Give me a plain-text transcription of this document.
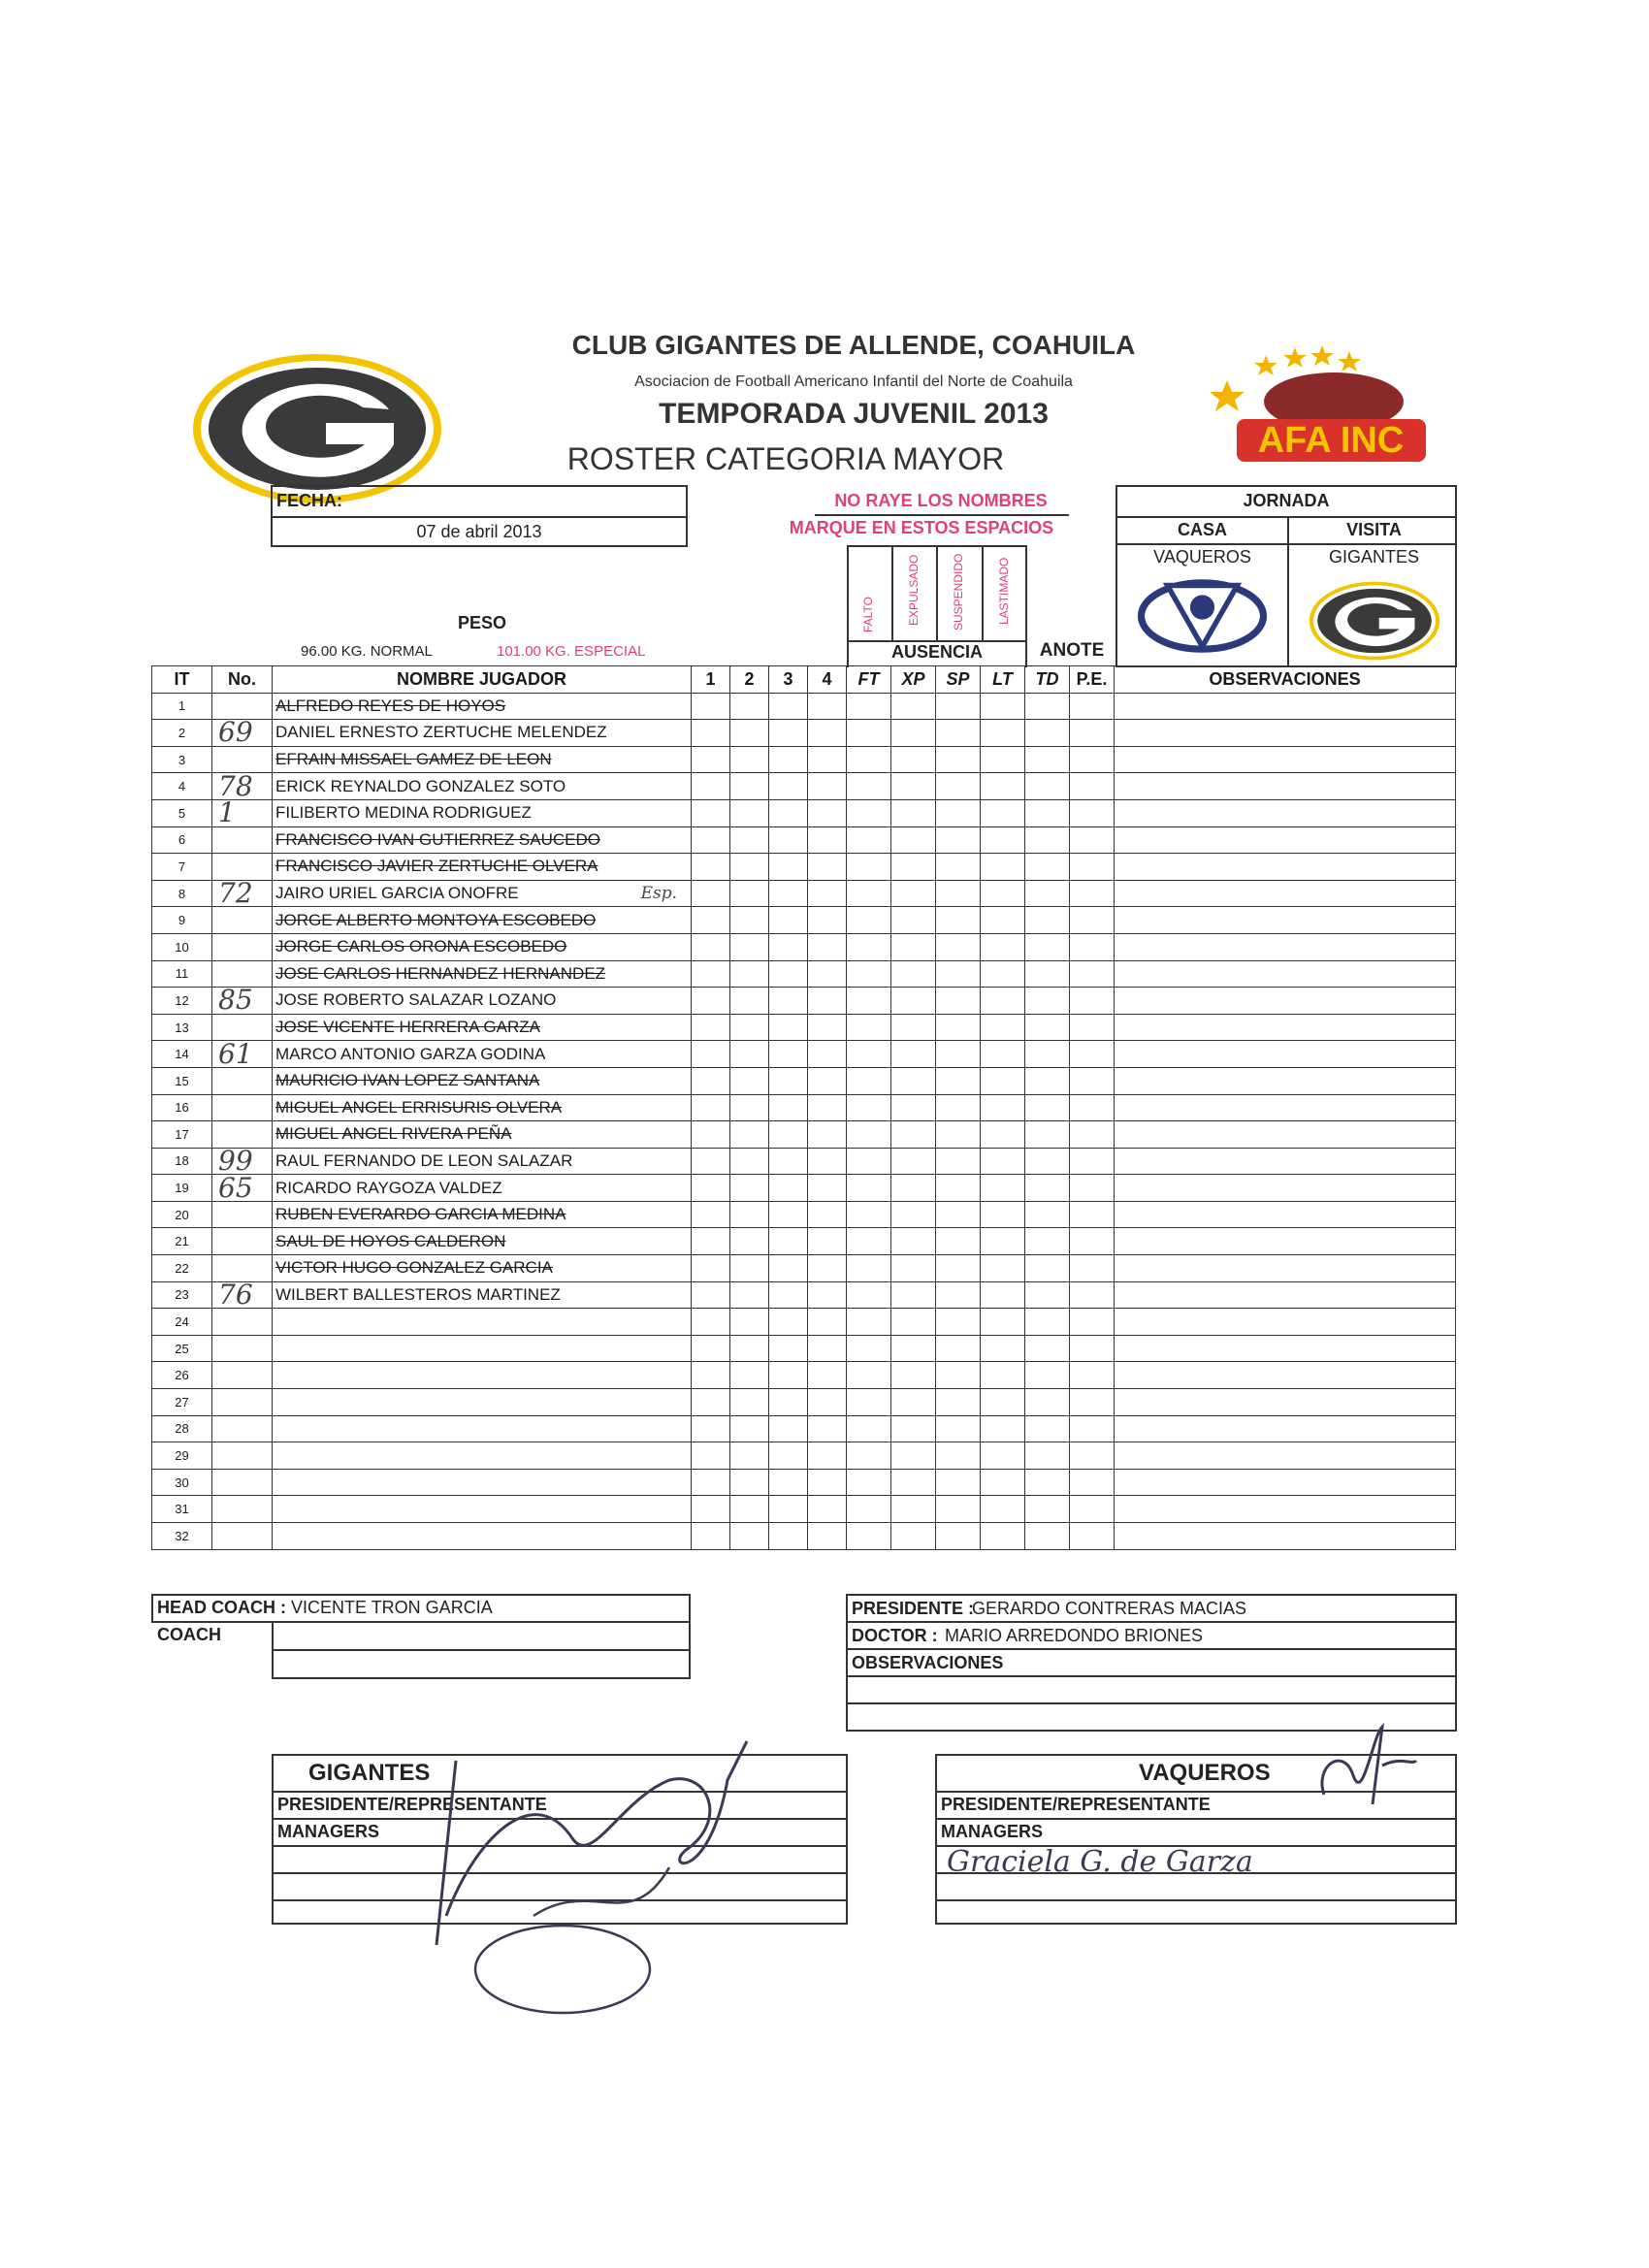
AFA INC
CLUB GIGANTES DE ALLENDE, COAHUILA
Asociacion de Football Americano Infantil del Norte de Coahuila
TEMPORADA JUVENIL 2013
ROSTER CATEGORIA MAYOR
FECHA:
07 de abril 2013
NO RAYE LOS NOMBRES
MARQUE EN ESTOS ESPACIOS
FALTO	EXPULSADO	SUSPENDIDO	LASTIMADO
AUSENCIA	ANOTE
PESO
96.00 KG. NORMAL	101.00 KG. ESPECIAL
JORNADA
CASA	VISITA
VAQUEROS	GIGANTES
IT	No.	NOMBRE JUGADOR	1	2	3	4	FT	XP	SP	LT	TD	P.E.	OBSERVACIONES
1		ALFREDO REYES DE HOYOS											
2	69	DANIEL ERNESTO ZERTUCHE MELENDEZ											
3		EFRAIN MISSAEL GAMEZ DE LEON											
4	78	ERICK REYNALDO GONZALEZ SOTO											
5	1	FILIBERTO MEDINA RODRIGUEZ											
6		FRANCISCO IVAN GUTIERREZ SAUCEDO											
7		FRANCISCO JAVIER ZERTUCHE OLVERA											
8	72	JAIRO URIEL GARCIA ONOFRE Esp.											

9		JORGE ALBERTO MONTOYA ESCOBEDO											
10		JORGE CARLOS ORONA ESCOBEDO											
11		JOSE CARLOS HERNANDEZ HERNANDEZ											
12	85	JOSE ROBERTO SALAZAR LOZANO											
13		JOSE VICENTE HERRERA GARZA											
14	61	MARCO ANTONIO GARZA GODINA											
15		MAURICIO IVAN LOPEZ SANTANA											
16		MIGUEL ANGEL ERRISURIS OLVERA											
17		MIGUEL ANGEL RIVERA PEÑA											
18	99	RAUL FERNANDO DE LEON SALAZAR											
19	65	RICARDO RAYGOZA VALDEZ											
20		RUBEN EVERARDO GARCIA MEDINA											
21		SAUL DE HOYOS CALDERON											
22		VICTOR HUGO GONZALEZ GARCIA											
23	76	WILBERT BALLESTEROS MARTINEZ											
24													
25													
26													
27													
28													
29													
30													
31													
32													
HEAD COACH : VICENTE TRON GARCIA
COACH
PRESIDENTE :
GERARDO CONTRERAS MACIAS
DOCTOR : MARIO ARREDONDO BRIONES
OBSERVACIONES
GIGANTES
PRESIDENTE/REPRESENTANTE
MANAGERS
VAQUEROS
PRESIDENTE/REPRESENTANTE
MANAGERS
Graciela G. de Garza
